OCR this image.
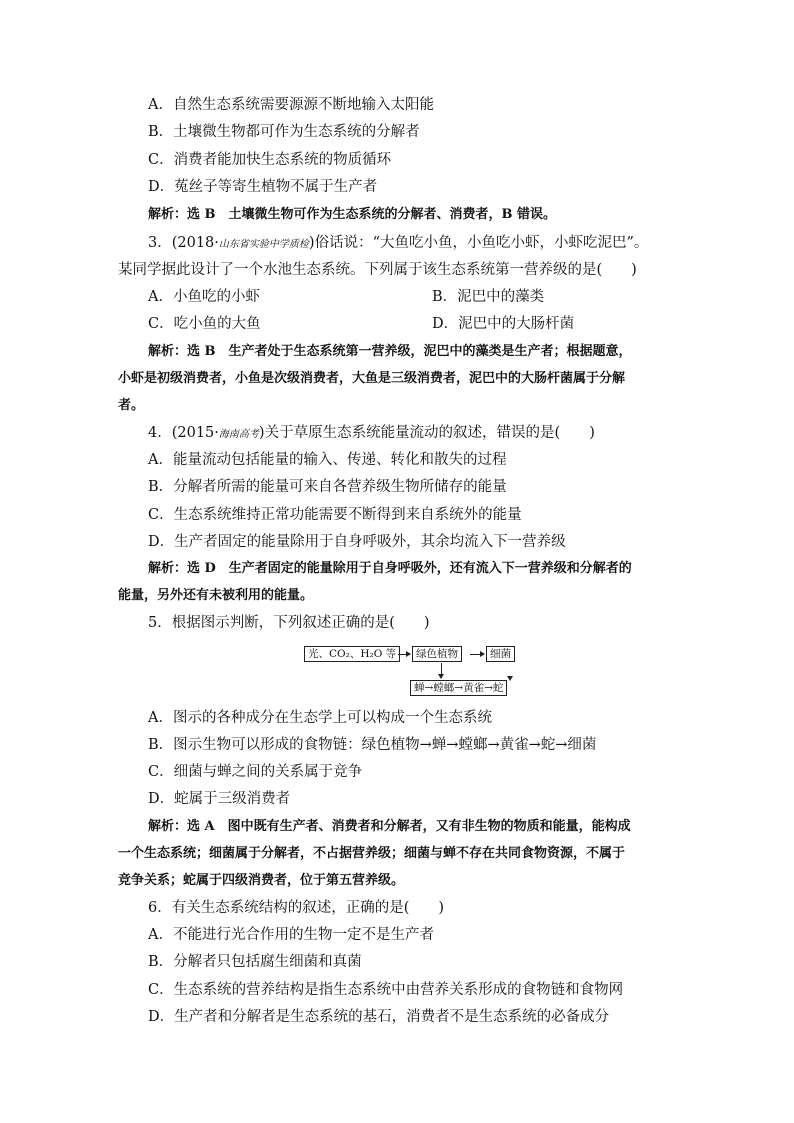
A．自然生态系统需要源源不断地输入太阳能
B．土壤微生物都可作为生态系统的分解者
C．消费者能加快生态系统的物质循环
D．菟丝子等寄生植物不属于生产者
解析：选 B　土壤微生物可作为生态系统的分解者、消费者，B 错误。
3．(2018·山东省实验中学质检)俗话说：“大鱼吃小鱼，小鱼吃小虾，小虾吃泥巴”。
某同学据此设计了一个水池生态系统。下列属于该生态系统第一营养级的是(　　)
A．小鱼吃的小虾	B．泥巴中的藻类
C．吃小鱼的大鱼	D．泥巴中的大肠杆菌
解析：选 B　生产者处于生态系统第一营养级，泥巴中的藻类是生产者；根据题意，
小虾是初级消费者，小鱼是次级消费者，大鱼是三级消费者，泥巴中的大肠杆菌属于分解
者。
4．(2015·海南高考)关于草原生态系统能量流动的叙述，错误的是(　　)
A．能量流动包括能量的输入、传递、转化和散失的过程
B．分解者所需的能量可来自各营养级生物所储存的能量
C．生态系统维持正常功能需要不断得到来自系统外的能量
D．生产者固定的能量除用于自身呼吸外，其余均流入下一营养级
解析：选 D　生产者固定的能量除用于自身呼吸外，还有流入下一营养级和分解者的
能量，另外还有未被利用的能量。
5．根据图示判断，下列叙述正确的是(　　)
光、CO₂、H₂O 等	绿色植物	细菌
蝉→螳螂→黄雀→蛇
A．图示的各种成分在生态学上可以构成一个生态系统
B．图示生物可以形成的食物链：绿色植物→蝉→螳螂→黄雀→蛇→细菌
C．细菌与蝉之间的关系属于竞争
D．蛇属于三级消费者
解析：选 A　图中既有生产者、消费者和分解者，又有非生物的物质和能量，能构成
一个生态系统；细菌属于分解者，不占据营养级；细菌与蝉不存在共同食物资源，不属于
竞争关系；蛇属于四级消费者，位于第五营养级。
6．有关生态系统结构的叙述，正确的是(　　)
A．不能进行光合作用的生物一定不是生产者
B．分解者只包括腐生细菌和真菌
C．生态系统的营养结构是指生态系统中由营养关系形成的食物链和食物网
D．生产者和分解者是生态系统的基石，消费者不是生态系统的必备成分
